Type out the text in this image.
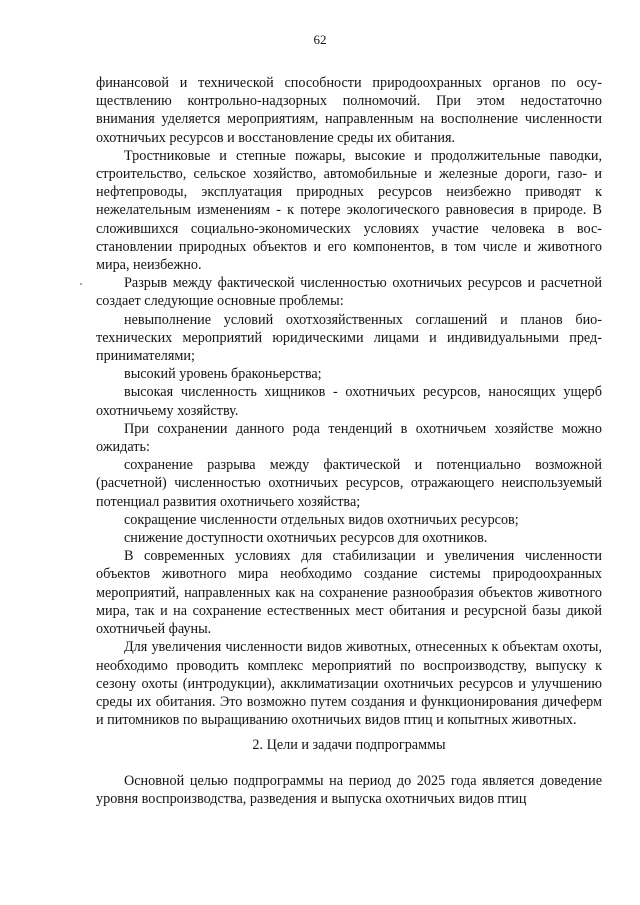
62

финансовой и технической способности природоохранных органов по осуществлению контрольно-надзорных полномочий. При этом недостаточно внимания уделяется мероприятиям, направленным на восполнение численности охотничьих ресурсов и восстановление среды их обитания.

Тростниковые и степные пожары, высокие и продолжительные паводки, строительство, сельское хозяйство, автомобильные и железные дороги, газо- и нефтепроводы, эксплуатация природных ресурсов неизбежно приводят к нежелательным изменениям - к потере экологического равновесия в природе. В сложившихся социально-экономических условиях участие человека в восстановлении природных объектов и его компонентов, в том числе и животного мира, неизбежно.

Разрыв между фактической численностью охотничьих ресурсов и расчетной создает следующие основные проблемы:

невыполнение условий охотхозяйственных соглашений и планов биотехнических мероприятий юридическими лицами и индивидуальными предпринимателями;

высокий уровень браконьерства;

высокая численность хищников - охотничьих ресурсов, наносящих ущерб охотничьему хозяйству.

При сохранении данного рода тенденций в охотничьем хозяйстве можно ожидать:

сохранение разрыва между фактической и потенциально возможной (расчетной) численностью охотничьих ресурсов, отражающего неиспользуемый потенциал развития охотничьего хозяйства;

сокращение численности отдельных видов охотничьих ресурсов;

снижение доступности охотничьих ресурсов для охотников.

В современных условиях для стабилизации и увеличения численности объектов животного мира необходимо создание системы природоохранных мероприятий, направленных как на сохранение разнообразия объектов животного мира, так и на сохранение естественных мест обитания и ресурсной базы дикой охотничьей фауны.

Для увеличения численности видов животных, отнесенных к объектам охоты, необходимо проводить комплекс мероприятий по воспроизводству, выпуску к сезону охоты (интродукции), акклиматизации охотничьих ресурсов и улучшению среды их обитания. Это возможно путем создания и функционирования дичеферм и питомников по выращиванию охотничьих видов птиц и копытных животных.

2. Цели и задачи подпрограммы

Основной целью подпрограммы на период до 2025 года является доведение уровня воспроизводства, разведения и выпуска охотничьих видов птиц
